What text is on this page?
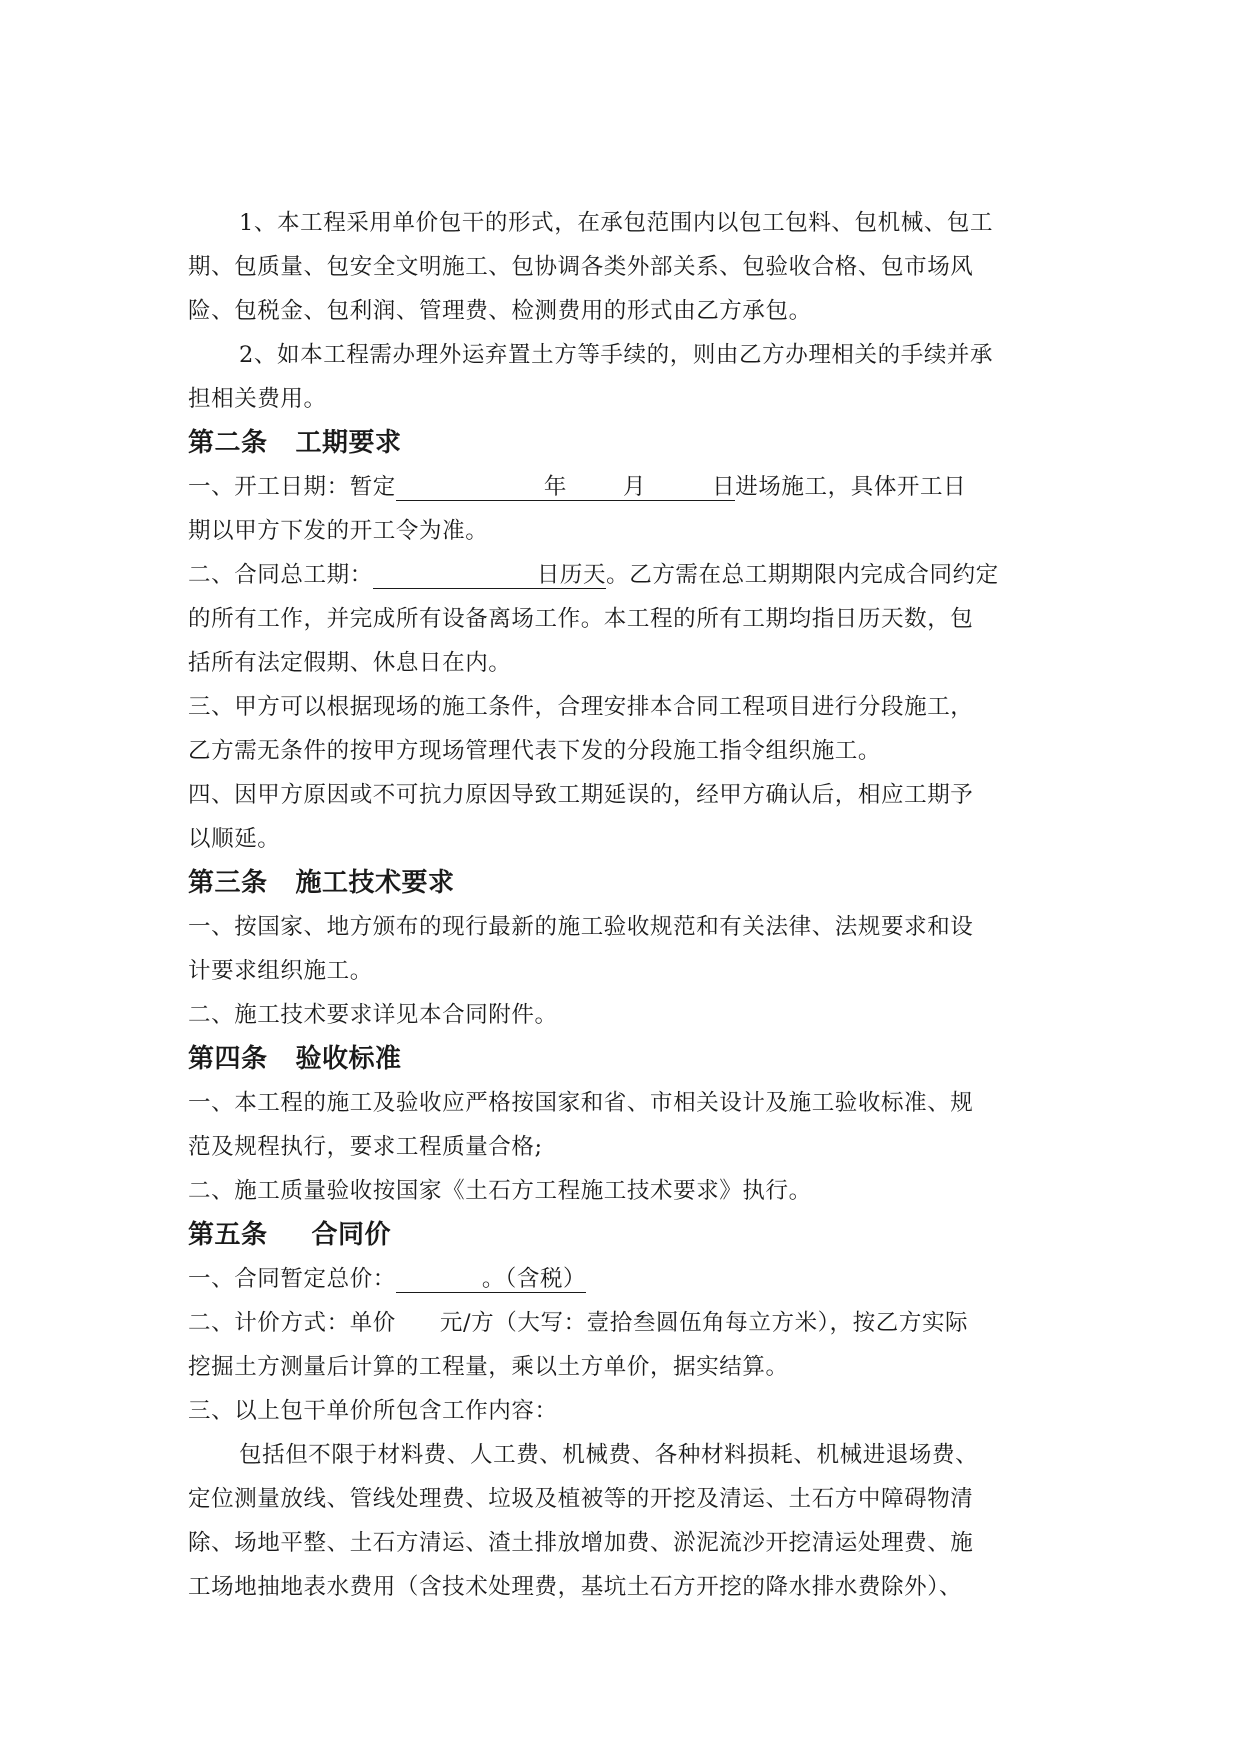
1、本工程采用单价包干的形式，在承包范围内以包工包料、包机械、包工
期、包质量、包安全文明施工、包协调各类外部关系、包验收合格、包市场风
险、包税金、包利润、管理费、检测费用的形式由乙方承包。
2、如本工程需办理外运弃置土方等手续的，则由乙方办理相关的手续并承
担相关费用。
第二条 工期要求
一、开工日期：暂定	年 月	日进场施工，具体开工日
期以甲方下发的开工令为准。
二、合同总工期：	日历天。乙方需在总工期期限内完成合同约定
的所有工作，并完成所有设备离场工作。本工程的所有工期均指日历天数，包
括所有法定假期、休息日在内。
三、甲方可以根据现场的施工条件，合理安排本合同工程项目进行分段施工，
乙方需无条件的按甲方现场管理代表下发的分段施工指令组织施工。
四、因甲方原因或不可抗力原因导致工期延误的，经甲方确认后，相应工期予
以顺延。
第三条 施工技术要求
一、按国家、地方颁布的现行最新的施工验收规范和有关法律、法规要求和设
计要求组织施工。
二、施工技术要求详见本合同附件。
第四条 验收标准
一、本工程的施工及验收应严格按国家和省、市相关设计及施工验收标准、规
范及规程执行，要求工程质量合格;
二、施工质量验收按国家《土石方工程施工技术要求》执行。
第五条 合同价
一、合同暂定总价：	。（含税）
二、计价方式：单价 元/方（大写：壹拾叁圆伍角每立方米），按乙方实际
挖掘土方测量后计算的工程量，乘以土方单价，据实结算。
三、以上包干单价所包含工作内容：
包括但不限于材料费、人工费、机械费、各种材料损耗、机械进退场费、
定位测量放线、管线处理费、垃圾及植被等的开挖及清运、土石方中障碍物清
除、场地平整、土石方清运、渣土排放增加费、淤泥流沙开挖清运处理费、施
工场地抽地表水费用（含技术处理费，基坑土石方开挖的降水排水费除外）、
